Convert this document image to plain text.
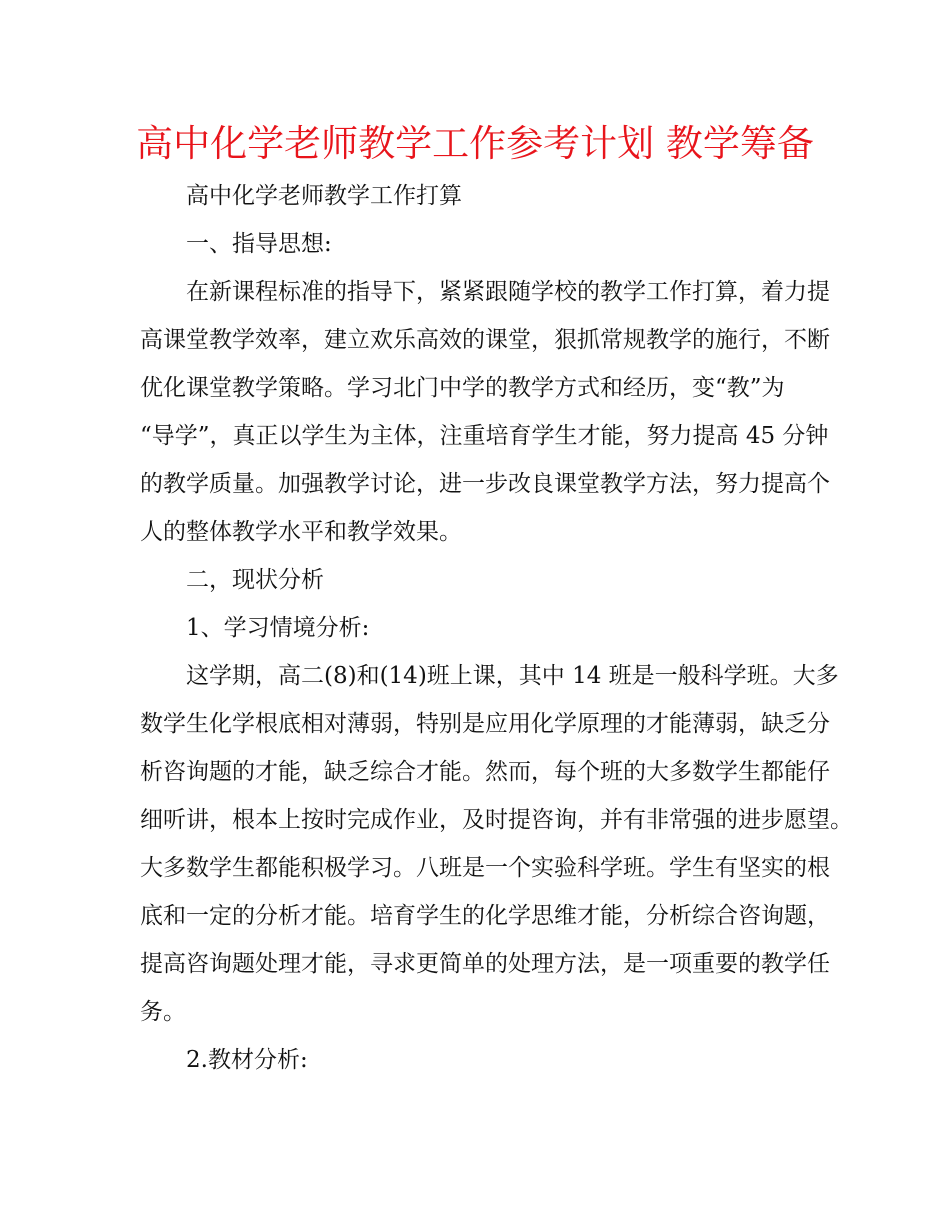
高中化学老师教学工作参考计划 教学筹备
高中化学老师教学工作打算
一、指导思想:
在新课程标准的指导下，紧紧跟随学校的教学工作打算，着力提
高课堂教学效率，建立欢乐高效的课堂，狠抓常规教学的施行，不断
优化课堂教学策略。学习北门中学的教学方式和经历，变“教”为
“导学”，真正以学生为主体，注重培育学生才能，努力提高 45 分钟
的教学质量。加强教学讨论，进一步改良课堂教学方法，努力提高个
人的整体教学水平和教学效果。
二，现状分析
1、学习情境分析:
这学期，高二(8)和(14)班上课，其中 14 班是一般科学班。大多
数学生化学根底相对薄弱，特别是应用化学原理的才能薄弱，缺乏分
析咨询题的才能，缺乏综合才能。然而，每个班的大多数学生都能仔
细听讲，根本上按时完成作业，及时提咨询，并有非常强的进步愿望。
大多数学生都能积极学习。八班是一个实验科学班。学生有坚实的根
底和一定的分析才能。培育学生的化学思维才能，分析综合咨询题，
提高咨询题处理才能，寻求更简单的处理方法，是一项重要的教学任
务。
2.教材分析:
